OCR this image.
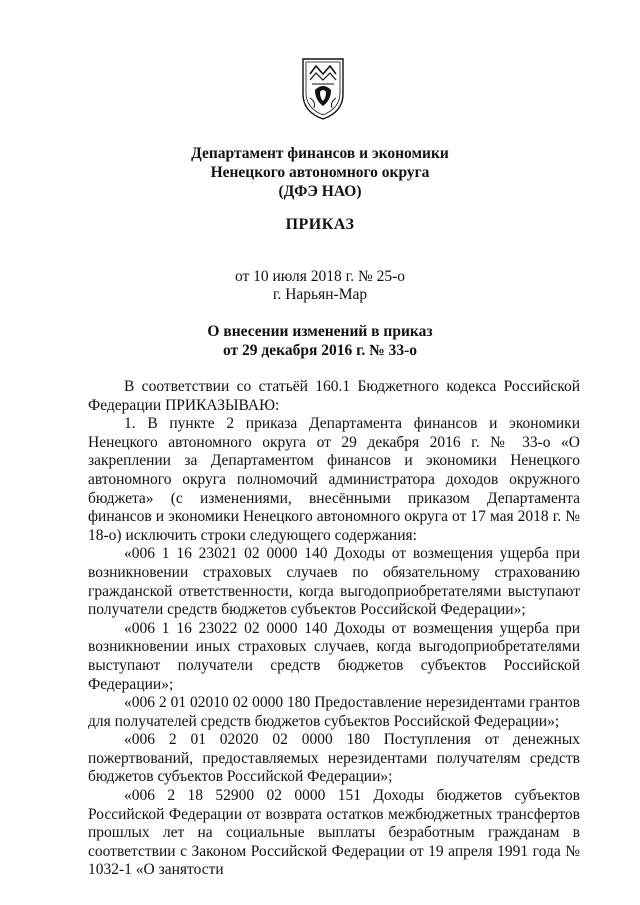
Департамент финансов и экономики
Ненецкого автономного округа
(ДФЭ НАО)
ПРИКАЗ
от 10 июля 2018 г. № 25-о
г. Нарьян-Мар
О внесении изменений в приказ
от 29 декабря 2016 г. № 33-о

В соответствии со статьёй 160.1 Бюджетного кодекса Российской Федерации ПРИКАЗЫВАЮ:

1. В пункте 2 приказа Департамента финансов и экономики Ненецкого автономного округа от 29 декабря 2016 г. № 33-о «О закреплении за Департаментом финансов и экономики Ненецкого автономного округа полномочий администратора доходов окружного бюджета» (с изменениями, внесёнными приказом Департамента финансов и экономики Ненецкого автономного округа от 17 мая 2018 г. № 18-о) исключить строки следующего содержания:

«006 1 16 23021 02 0000 140 Доходы от возмещения ущерба при возникновении страховых случаев по обязательному страхованию гражданской ответственности, когда выгодоприобретателями выступают получатели средств бюджетов субъектов Российской Федерации»;

«006 1 16 23022 02 0000 140 Доходы от возмещения ущерба при возникновении иных страховых случаев, когда выгодоприобретателями выступают получатели средств бюджетов субъектов Российской Федерации»;

«006 2 01 02010 02 0000 180 Предоставление нерезидентами грантов для получателей средств бюджетов субъектов Российской Федерации»;

«006 2 01 02020 02 0000 180 Поступления от денежных пожертвований, предоставляемых нерезидентами получателям средств бюджетов субъектов Российской Федерации»;

«006 2 18 52900 02 0000 151 Доходы бюджетов субъектов Российской Федерации от возврата остатков межбюджетных трансфертов прошлых лет на социальные выплаты безработным гражданам в соответствии с Законом Российской Федерации от 19 апреля 1991 года № 1032-1 «О занятости
